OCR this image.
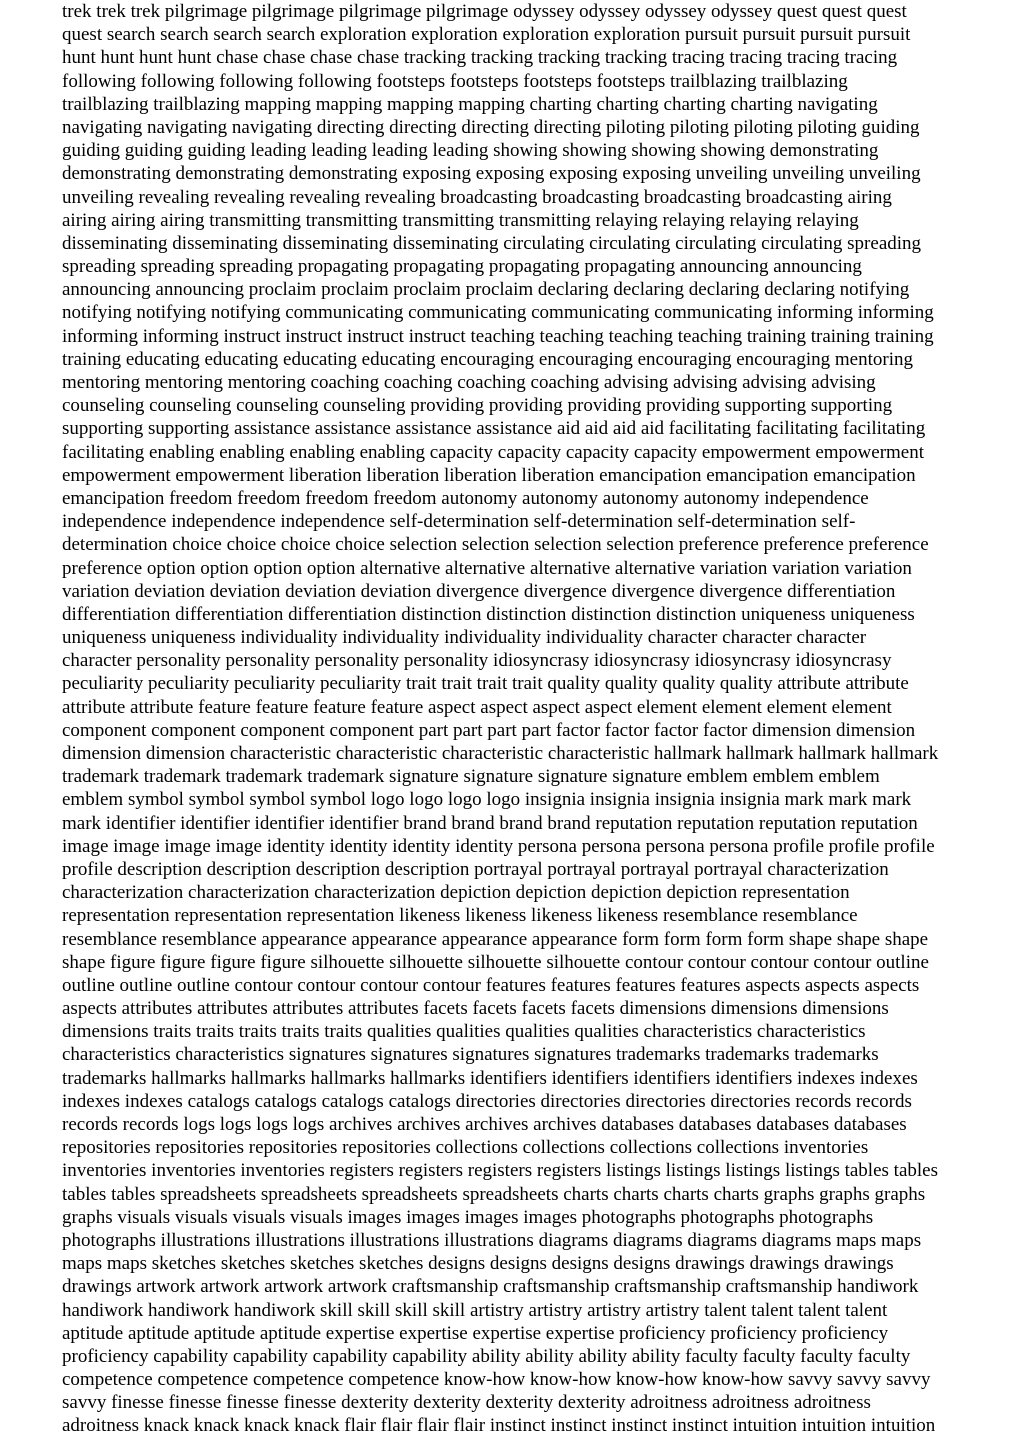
trek trek trek pilgrimage pilgrimage pilgrimage pilgrimage odyssey odyssey odyssey odyssey quest quest quest
quest search search search search exploration exploration exploration exploration pursuit pursuit pursuit pursuit
hunt hunt hunt hunt chase chase chase chase tracking tracking tracking tracking tracing tracing tracing tracing
following following following following footsteps footsteps footsteps footsteps trailblazing trailblazing
trailblazing trailblazing mapping mapping mapping mapping charting charting charting charting navigating
navigating navigating navigating directing directing directing directing piloting piloting piloting piloting guiding
guiding guiding guiding leading leading leading leading showing showing showing showing demonstrating
demonstrating demonstrating demonstrating exposing exposing exposing exposing unveiling unveiling unveiling
unveiling revealing revealing revealing revealing broadcasting broadcasting broadcasting broadcasting airing
airing airing airing transmitting transmitting transmitting transmitting relaying relaying relaying relaying
disseminating disseminating disseminating disseminating circulating circulating circulating circulating spreading
spreading spreading spreading propagating propagating propagating propagating announcing announcing
announcing announcing proclaim proclaim proclaim proclaim declaring declaring declaring declaring notifying
notifying notifying notifying communicating communicating communicating communicating informing informing
informing informing instruct instruct instruct instruct teaching teaching teaching teaching training training training
training educating educating educating educating encouraging encouraging encouraging encouraging mentoring
mentoring mentoring mentoring coaching coaching coaching coaching advising advising advising advising
counseling counseling counseling counseling providing providing providing providing supporting supporting
supporting supporting assistance assistance assistance assistance aid aid aid aid facilitating facilitating facilitating
facilitating enabling enabling enabling enabling capacity capacity capacity capacity empowerment empowerment
empowerment empowerment liberation liberation liberation liberation emancipation emancipation emancipation
emancipation freedom freedom freedom freedom autonomy autonomy autonomy autonomy independence
independence independence independence self-determination self-determination self-determination self-
determination choice choice choice choice selection selection selection selection preference preference preference
preference option option option option alternative alternative alternative alternative variation variation variation
variation deviation deviation deviation deviation divergence divergence divergence divergence differentiation
differentiation differentiation differentiation distinction distinction distinction distinction uniqueness uniqueness
uniqueness uniqueness individuality individuality individuality individuality character character character
character personality personality personality personality idiosyncrasy idiosyncrasy idiosyncrasy idiosyncrasy
peculiarity peculiarity peculiarity peculiarity trait trait trait trait quality quality quality quality attribute attribute
attribute attribute feature feature feature feature aspect aspect aspect aspect element element element element
component component component component part part part part factor factor factor factor dimension dimension
dimension dimension characteristic characteristic characteristic characteristic hallmark hallmark hallmark hallmark
trademark trademark trademark trademark signature signature signature signature emblem emblem emblem
emblem symbol symbol symbol symbol logo logo logo logo insignia insignia insignia insignia mark mark mark
mark identifier identifier identifier identifier brand brand brand brand reputation reputation reputation reputation
image image image image identity identity identity identity persona persona persona persona profile profile profile
profile description description description description portrayal portrayal portrayal portrayal characterization
characterization characterization characterization depiction depiction depiction depiction representation
representation representation representation likeness likeness likeness likeness resemblance resemblance
resemblance resemblance appearance appearance appearance appearance form form form form shape shape shape
shape figure figure figure figure silhouette silhouette silhouette silhouette contour contour contour contour outline
outline outline outline contour contour contour contour features features features features aspects aspects aspects
aspects attributes attributes attributes attributes facets facets facets facets dimensions dimensions dimensions
dimensions traits traits traits traits traits qualities qualities qualities qualities characteristics characteristics
characteristics characteristics signatures signatures signatures signatures trademarks trademarks trademarks
trademarks hallmarks hallmarks hallmarks hallmarks identifiers identifiers identifiers identifiers indexes indexes
indexes indexes catalogs catalogs catalogs catalogs directories directories directories directories records records
records records logs logs logs logs archives archives archives archives databases databases databases databases
repositories repositories repositories repositories collections collections collections collections inventories
inventories inventories inventories registers registers registers registers listings listings listings listings tables tables
tables tables spreadsheets spreadsheets spreadsheets spreadsheets charts charts charts charts graphs graphs graphs
graphs visuals visuals visuals visuals images images images images photographs photographs photographs
photographs illustrations illustrations illustrations illustrations diagrams diagrams diagrams diagrams maps maps
maps maps sketches sketches sketches sketches designs designs designs designs drawings drawings drawings
drawings artwork artwork artwork artwork craftsmanship craftsmanship craftsmanship craftsmanship handiwork
handiwork handiwork handiwork skill skill skill skill artistry artistry artistry artistry talent talent talent talent
aptitude aptitude aptitude aptitude expertise expertise expertise expertise proficiency proficiency proficiency
proficiency capability capability capability capability ability ability ability ability faculty faculty faculty faculty
competence competence competence competence know-how know-how know-how know-how savvy savvy savvy
savvy finesse finesse finesse finesse dexterity dexterity dexterity dexterity adroitness adroitness adroitness
adroitness knack knack knack knack flair flair flair flair instinct instinct instinct instinct intuition intuition intuition
